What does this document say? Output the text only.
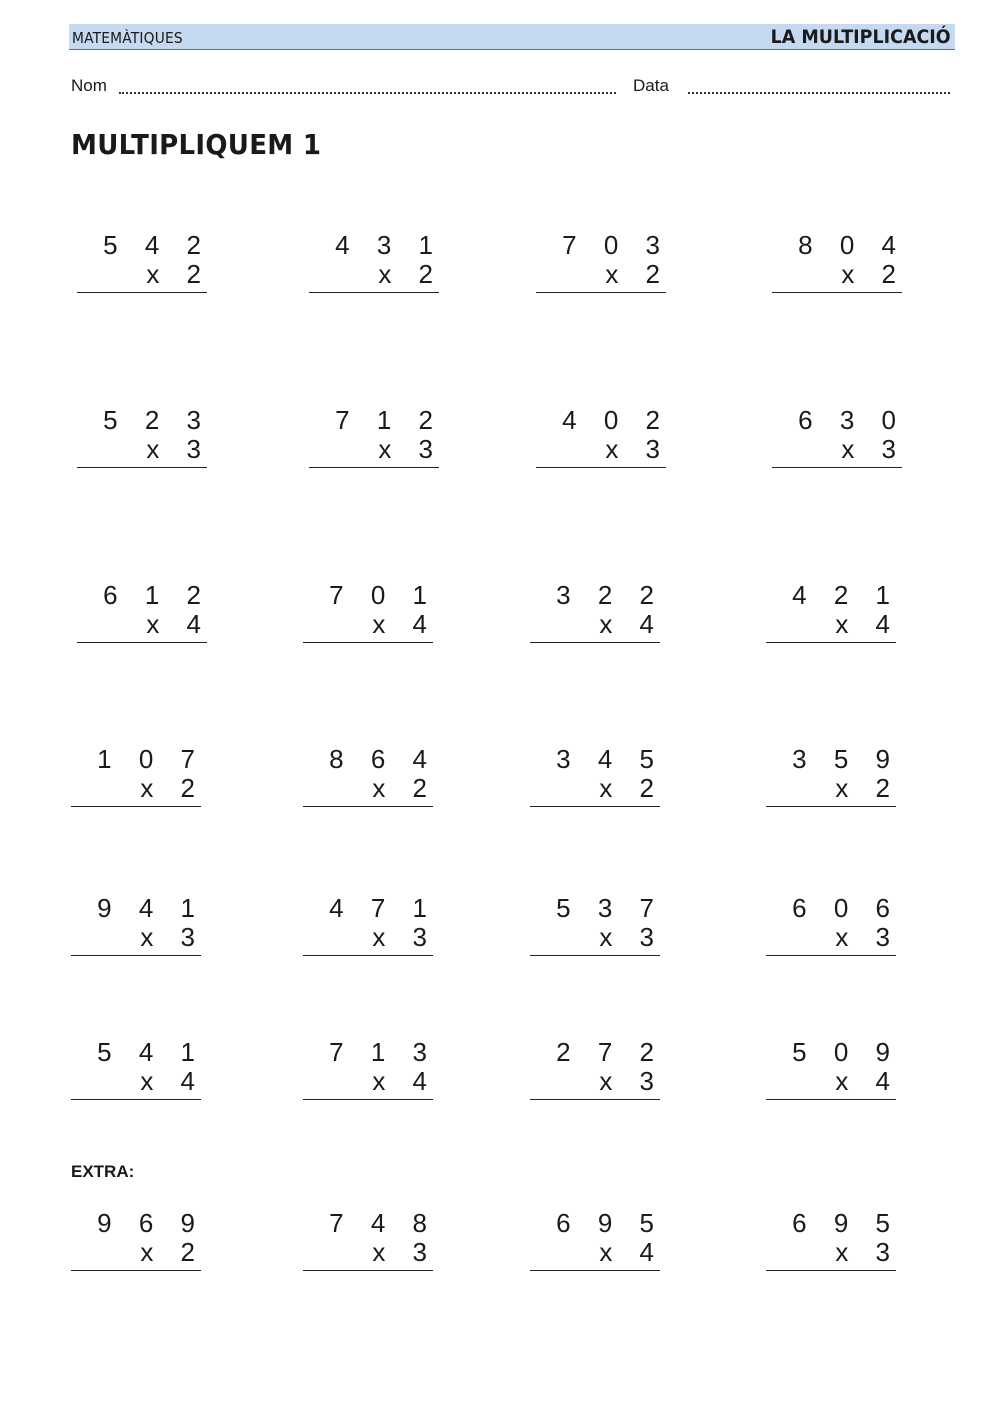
MATEMÀTIQUES	LA MULTIPLICACIÓ
Nom	Data
MULTIPLIQUEM 1
EXTRA:
5 4 2
x 2
4 3 1
x 2
7 0 3
x 2
8 0 4
x 2
5 2 3
x 3
7 1 2
x 3
4 0 2
x 3
6 3 0
x 3
6 1 2
x 4
7 0 1
x 4
3 2 2
x 4
4 2 1
x 4
1 0 7
x 2
8 6 4
x 2
3 4 5
x 2
3 5 9
x 2
9 4 1
x 3
4 7 1
x 3
5 3 7
x 3
6 0 6
x 3
5 4 1
x 4
7 1 3
x 4
2 7 2
x 3
5 0 9
x 4
9 6 9
x 2
7 4 8
x 3
6 9 5
x 4
6 9 5
x 3
